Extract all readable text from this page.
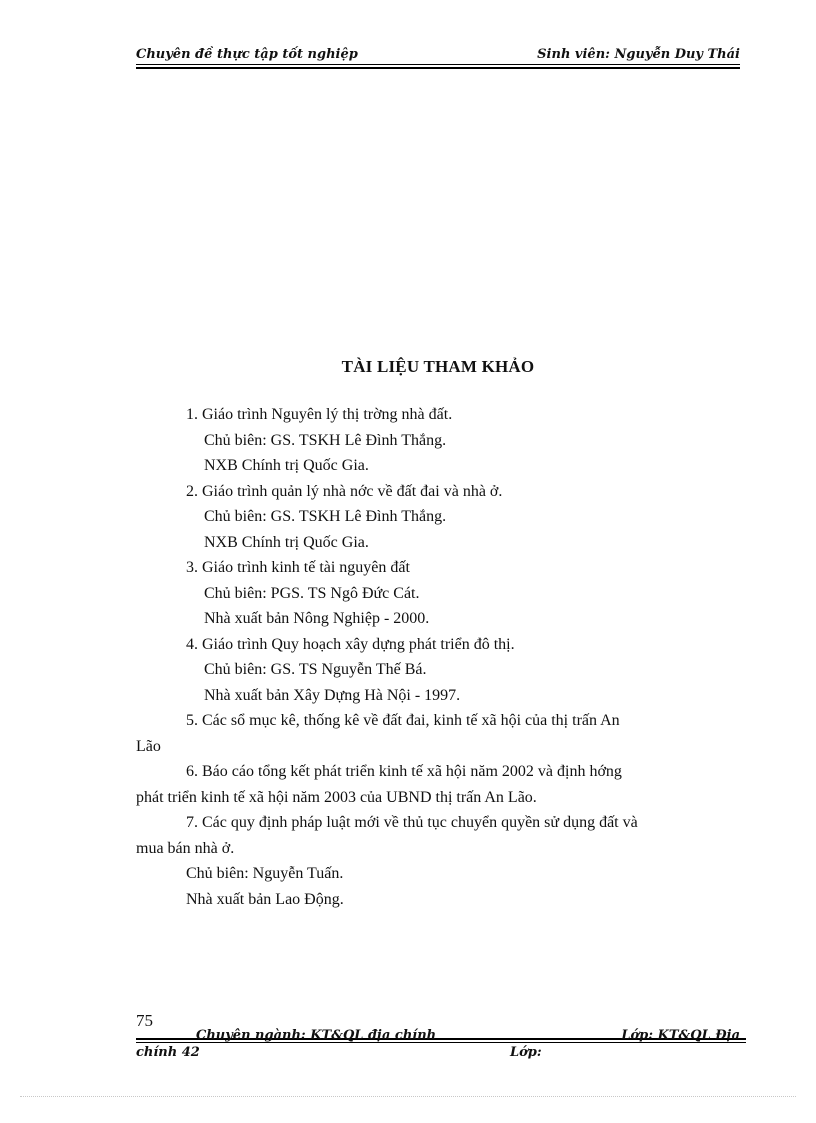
Chuyên đề thực tập tốt nghiệp	Sinh viên: Nguyễn Duy Thái
TÀI LIỆU THAM KHẢO
1. Giáo trình Nguyên lý thị trờng nhà đất.
Chủ biên: GS. TSKH Lê Đình Thắng.
NXB Chính trị Quốc Gia.
2. Giáo trình quản lý nhà nớc về đất đai và nhà ở.
Chủ biên: GS. TSKH Lê Đình Thắng.
NXB Chính trị Quốc Gia.
3. Giáo trình kinh tế tài nguyên đất
Chủ biên: PGS. TS Ngô Đức Cát.
Nhà xuất bản Nông Nghiệp - 2000.
4. Giáo trình Quy hoạch xây dựng phát triển đô thị.
Chủ biên: GS. TS Nguyễn Thế Bá.
Nhà xuất bản Xây Dựng Hà Nội - 1997.
5. Các sổ mục kê, thống kê về đất đai, kinh tế xã hội của thị trấn An
Lão
6. Báo cáo tổng kết phát triển kinh tế xã hội năm 2002 và định hớng
phát triển kinh tế xã hội năm 2003 của UBND thị trấn An Lão.
7. Các quy định pháp luật mới về thủ tục chuyển quyền sử dụng đất và
mua bán nhà ở.
Chủ biên: Nguyễn Tuấn.
Nhà xuất bản Lao Động.
75
Chuyên ngành: KT&QL địa chính	Lớp: KT&QL Địa
chính 42	Lớp:
